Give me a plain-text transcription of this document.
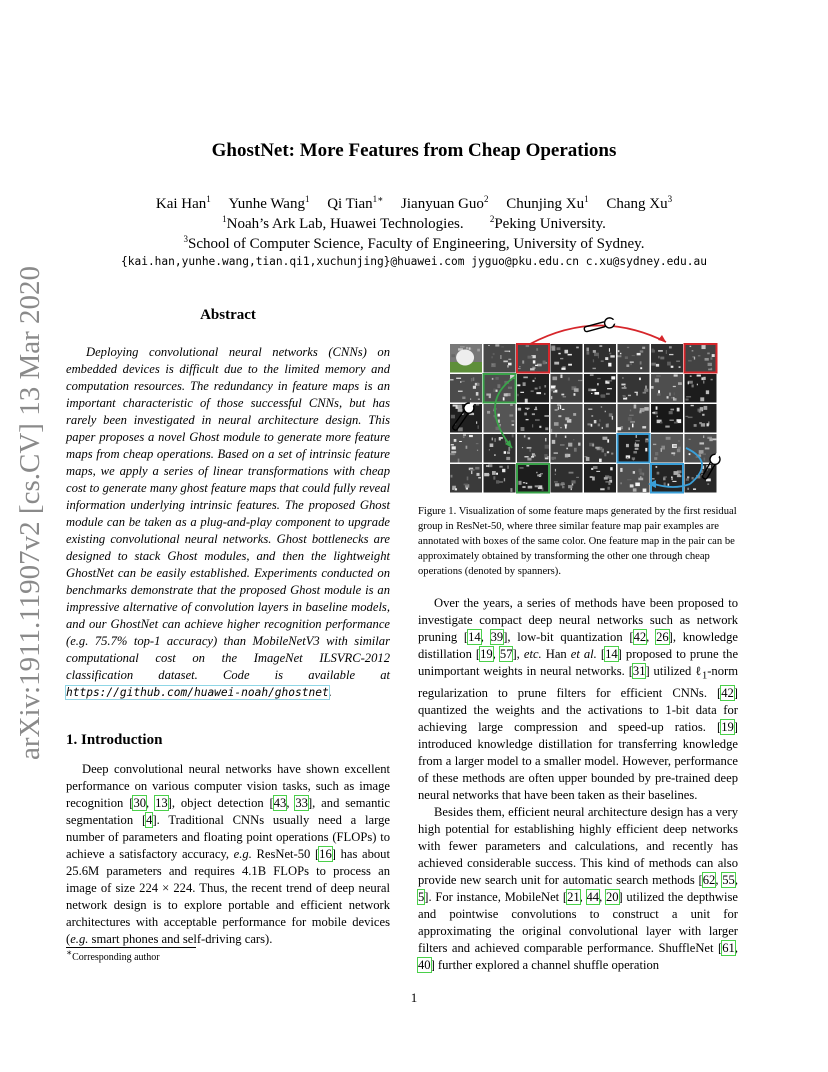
GhostNet: More Features from Cheap Operations
Kai Han$^1$ Yunhe Wang$^1$ Qi Tian$^{1∗}$ Jianyuan Guo$^2$ Chunjing Xu$^1$ Chang Xu$^3$
$^1$Noah’s Ark Lab, Huawei Technologies.	$^2$Peking University.
$^3$School of Computer Science, Faculty of Engineering, University of Sydney.
{kai.han,yunhe.wang,tian.qi1,xuchunjing}@huawei.com jyguo@pku.edu.cn c.xu@sydney.edu.au
arXiv:1911.11907v2 [cs.CV] 13 Mar 2020	Abstract

Deploying convolutional neural networks (CNNs) on embedded devices is difficult due to the limited memory and computation resources. The redundancy in feature maps is an important characteristic of those successful CNNs, but has rarely been investigated in neural architecture design. This paper proposes a novel Ghost module to generate more feature maps from cheap operations. Based on a set of intrinsic feature maps, we apply a series of linear transformations with cheap cost to generate many ghost feature maps that could fully reveal information underlying intrinsic features. The proposed Ghost module can be taken as a plug-and-play component to upgrade existing convolutional neural networks. Ghost bottlenecks are designed to stack Ghost modules, and then the lightweight GhostNet can be easily established. Experiments conducted on benchmarks demonstrate that the proposed Ghost module is an impressive alternative of convolution layers in baseline models, and our GhostNet can achieve higher recognition performance (e.g. 75.7% top-1 accuracy) than MobileNetV3 with similar computational cost on the ImageNet ILSVRC-2012 classification dataset. Code is available at https://github.com/huawei-noah/ghostnet.

1. Introduction

Deep convolutional neural networks have shown excellent performance on various computer vision tasks, such as image recognition [30, 13], object detection [43, 33], and semantic segmentation [4]. Traditional CNNs usually need a large number of parameters and floating point operations (FLOPs) to achieve a satisfactory accuracy, e.g. ResNet-50 [16] has about 25.6M parameters and requires 4.1B FLOPs to process an image of size 224 × 224. Thus, the recent trend of deep neural network design is to explore portable and efficient network architectures with acceptable performance for mobile devices (e.g. smart phones and self-driving cars).

∗Corresponding author
Figure 1. Visualization of some feature maps generated by the first residual group in ResNet-50, where three similar feature map pair examples are annotated with boxes of the same color. One feature map in the pair can be approximately obtained by transforming the other one through cheap operations (denoted by spanners).

Over the years, a series of methods have been proposed to investigate compact deep neural networks such as network pruning [14, 39], low-bit quantization [42, 26], knowledge distillation [19, 57], etc. Han et al. [14] proposed to prune the unimportant weights in neural networks. [31] utilized ℓ$_1$-norm regularization to prune filters for efficient CNNs. [42] quantized the weights and the activations to 1-bit data for achieving large compression and speed-up ratios. [19] introduced knowledge distillation for transferring knowledge from a larger model to a smaller model. However, performance of these methods are often upper bounded by pre-trained deep neural networks that have been taken as their baselines.

Besides them, efficient neural architecture design has a very high potential for establishing highly efficient deep networks with fewer parameters and calculations, and recently has achieved considerable success. This kind of methods can also provide new search unit for automatic search methods [62, 55, 5]. For instance, MobileNet [21, 44, 20] utilized the depthwise and pointwise convolutions to construct a unit for approximating the original convolutional layer with larger filters and achieved comparable performance. ShuffleNet [61, 40] further explored a channel shuffle operation

1
